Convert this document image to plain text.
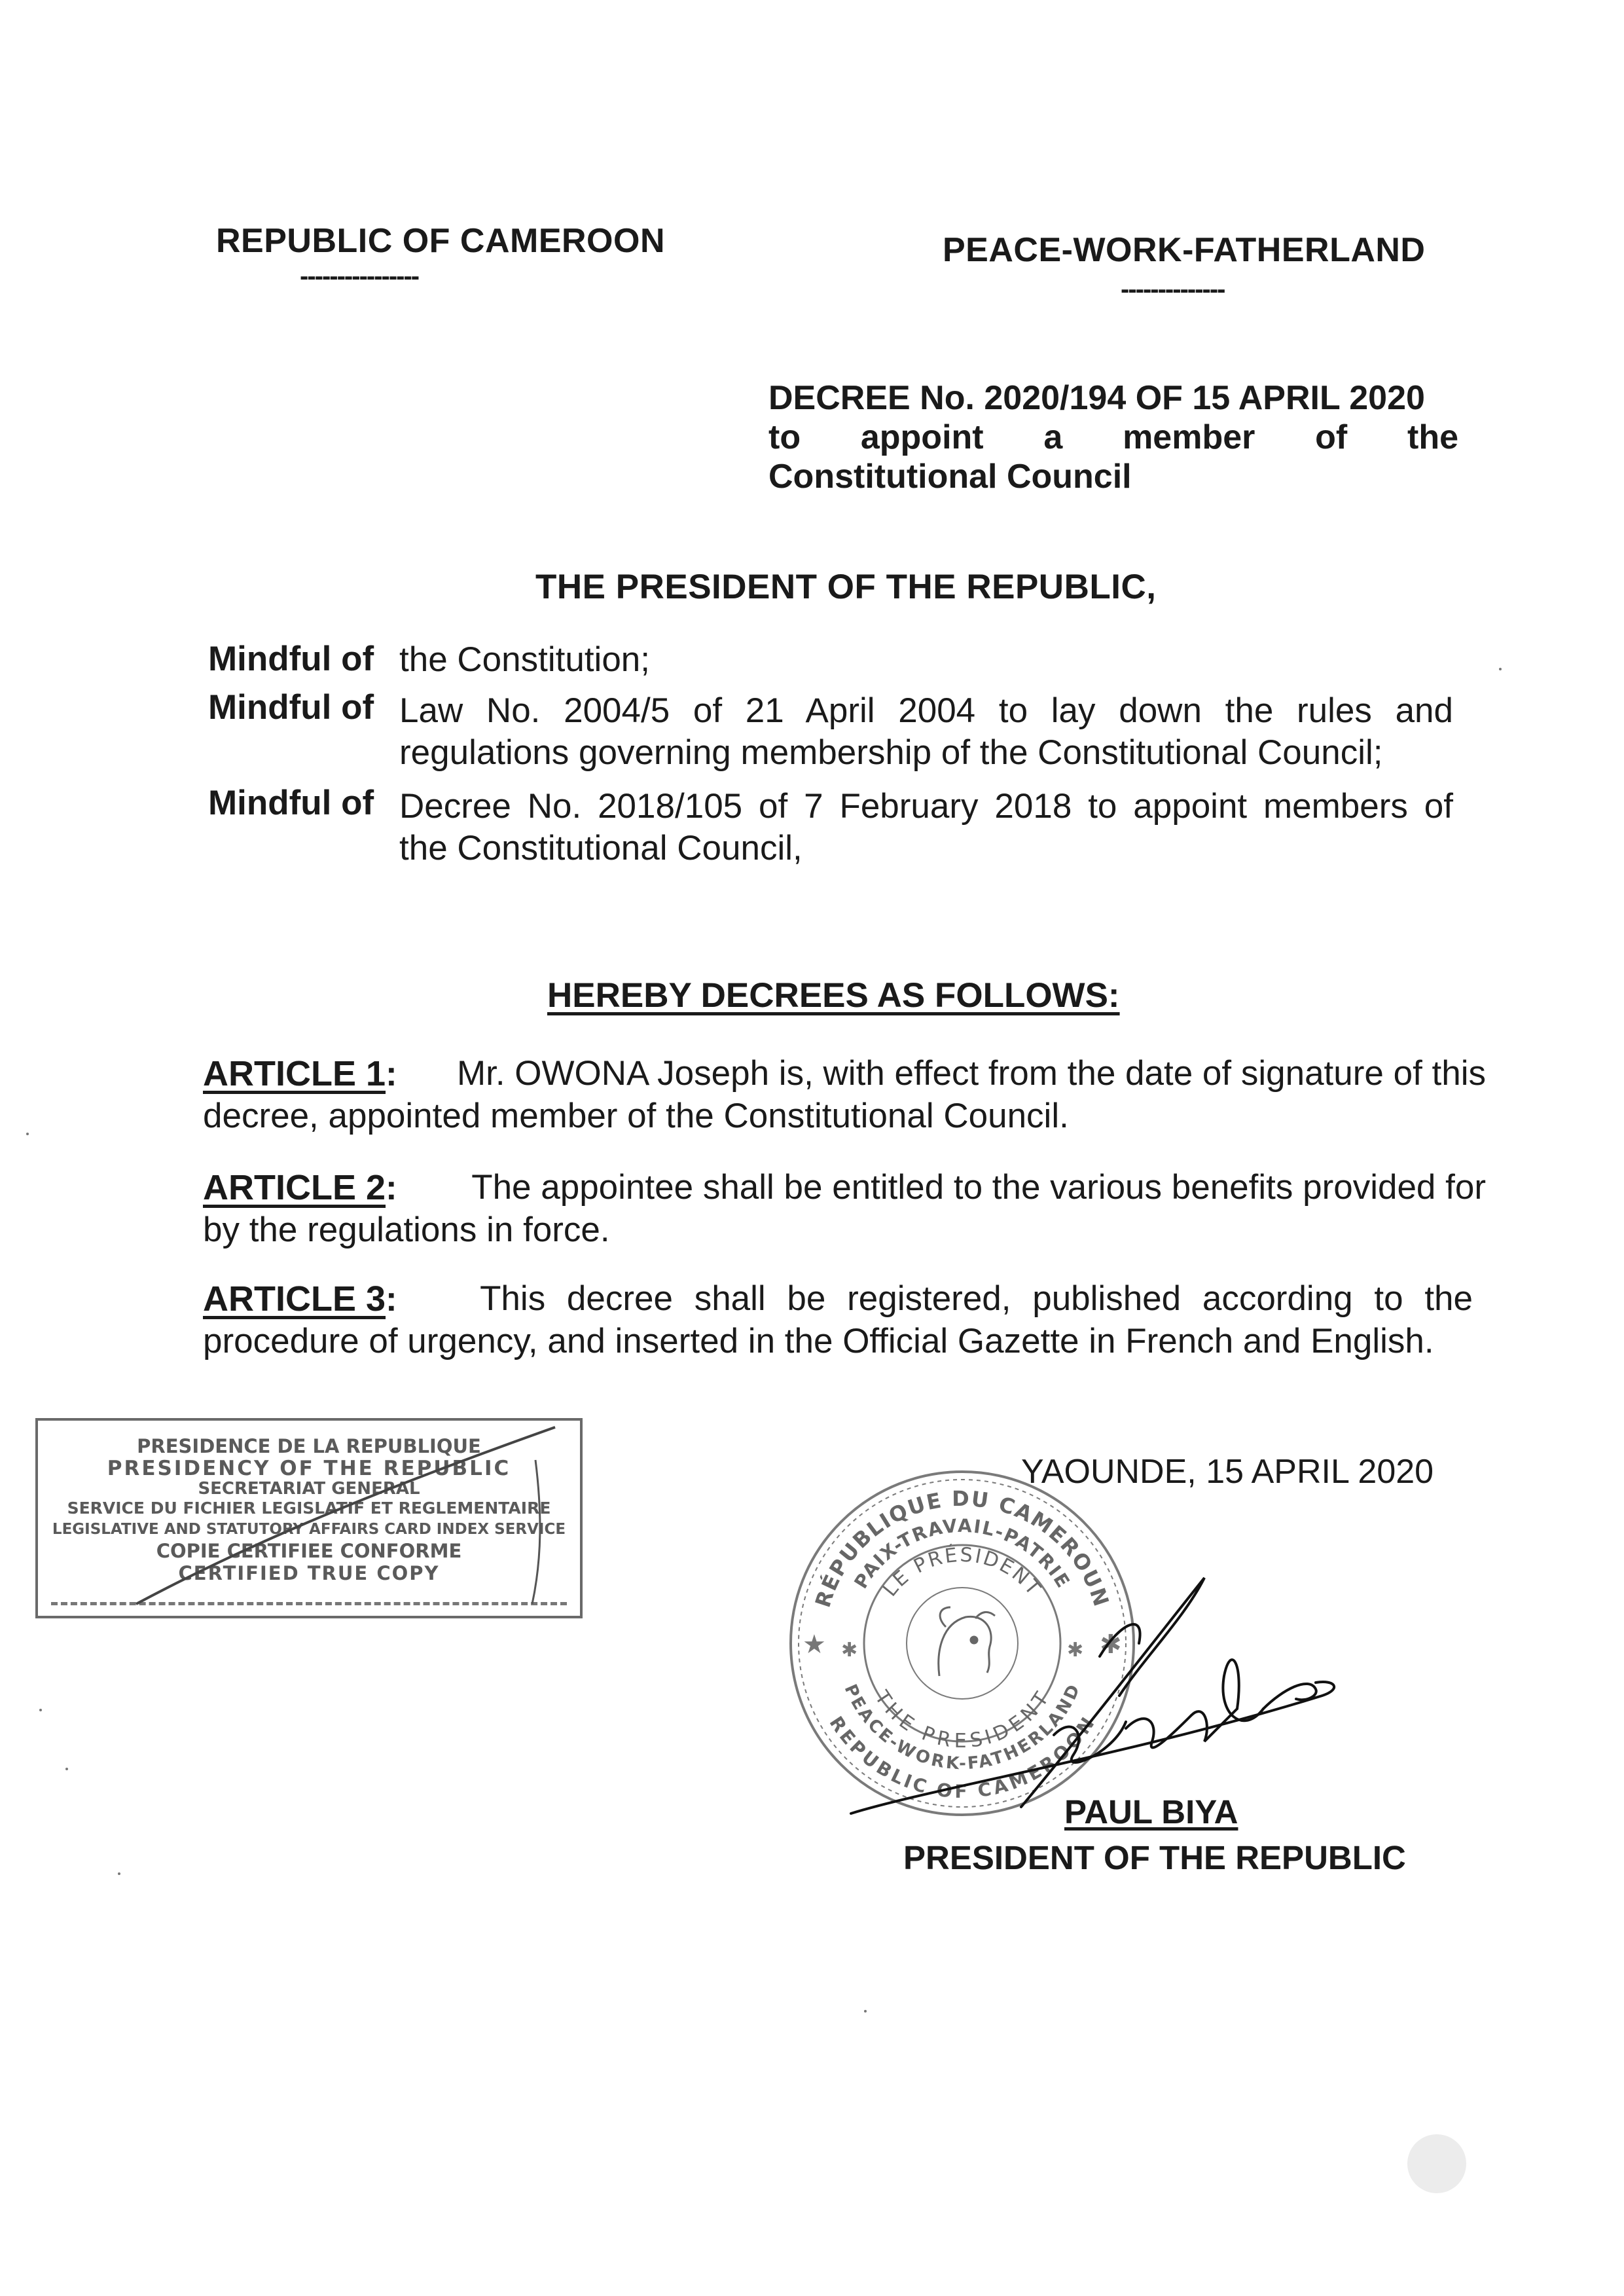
REPUBLIC OF CAMEROON
----------------
PEACE-WORK-FATHERLAND
--------------
DECREE No. 2020/194 OF 15 APRIL 2020
to appoint a member of the
Constitutional Council
THE PRESIDENT OF THE REPUBLIC,
Mindful of the Constitution;
Mindful of Law No. 2004/5 of 21 April 2004 to lay down the rules and
regulations governing membership of the Constitutional Council;
Mindful of Decree No. 2018/105 of 7 February 2018 to appoint members of
the Constitutional Council,
HEREBY DECREES AS FOLLOWS:
ARTICLE 1: Mr. OWONA Joseph is, with effect from the date of signature of this
decree, appointed member of the Constitutional Council.
ARTICLE 2: The appointee shall be entitled to the various benefits provided for
by the regulations in force.
ARTICLE 3: This decree shall be registered, published according to the
procedure of urgency, and inserted in the Official Gazette in French and English.
PRESIDENCE DE LA REPUBLIQUE
PRESIDENCY OF THE REPUBLIC
SECRETARIAT GENERAL
SERVICE DU FICHIER LEGISLATIF ET REGLEMENTAIRE
LEGISLATIVE AND STATUTORY AFFAIRS CARD INDEX SERVICE
COPIE CERTIFIEE CONFORME
CERTIFIED TRUE COPY
YAOUNDE, 15 APRIL 2020
RÉPUBLIQUE DU CAMEROUN
PAIX-TRAVAIL-PATRIE
LE PRÉSIDENT
THE PRESIDENT
PEACE-WORK-FATHERLAND
REPUBLIC OF CAMEROON
★ ✱	✱ ✱
PAUL BIYA
PRESIDENT OF THE REPUBLIC
